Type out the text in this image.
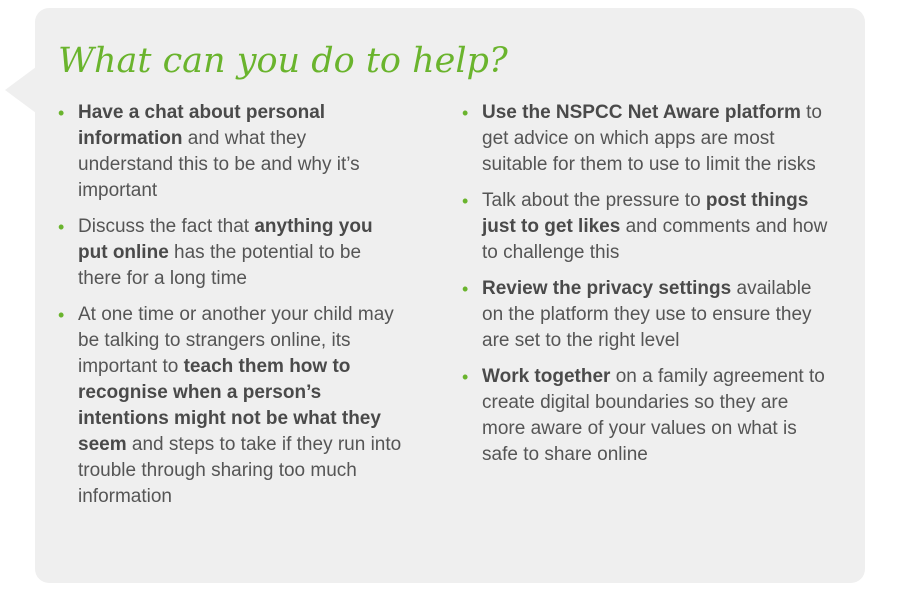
What can you do to help?
• Have a chat about personal information and what they understand this to be and why it’s important
• Discuss the fact that anything you put online has the potential to be there for a long time
• At one time or another your child may be talking to strangers online, its important to teach them how to recognise when a person’s intentions might not be what they seem and steps to take if they run into trouble through sharing too much information
• Use the NSPCC Net Aware platform to get advice on which apps are most suitable for them to use to limit the risks
• Talk about the pressure to post things just to get likes and comments and how to challenge this
• Review the privacy settings available on the platform they use to ensure they are set to the right level
• Work together on a family agreement to create digital boundaries so they are more aware of your values on what is safe to share online
